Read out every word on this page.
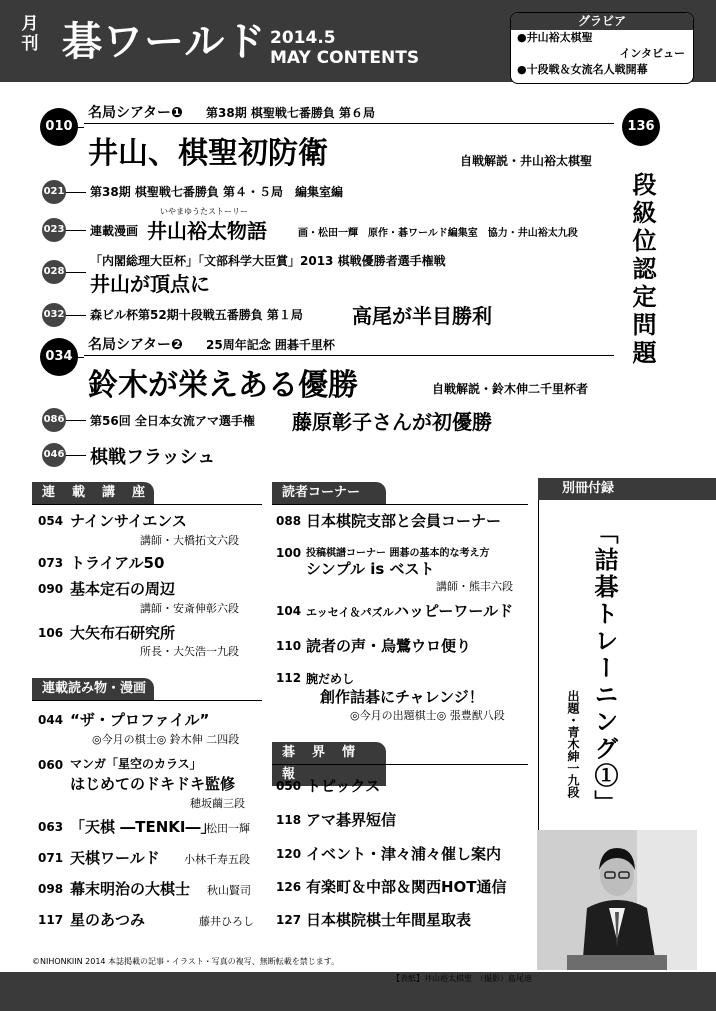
月刊 碁ワールド 2014.5
MAY CONTENTS
グラビア
●井山裕太棋聖
インタビュー
●十段戦＆女流名人戦開幕
010
名局シアター❶ 第38期 棋聖戦七番勝負 第６局
井山、棋聖初防衛	自戦解説・井山裕太棋聖
136
段級位認定問題
021 第38期 棋聖戦七番勝負 第４・５局　編集室編
023 連載漫画
いやまゆうたストーリー
井山裕太物語	画・松田一輝　原作・碁ワールド編集室　協力・井山裕太九段
028
「内閣総理大臣杯」「文部科学大臣賞」2013 棋戦優勝者選手権戦
井山が頂点に
032 森ビル杯第52期十段戦五番勝負 第１局 高尾が半目勝利
034
名局シアター❷ 25周年記念 囲碁千里杯
鈴木が栄えある優勝	自戦解説・鈴木伸二千里杯者
086 第56回 全日本女流アマ選手権 藤原彰子さんが初優勝
046 棋戦フラッシュ
連　載　講　座
054 ナインサイエンス
講師・大橋拓文六段
073 トライアル50
090 基本定石の周辺
講師・安斎伸彰六段
106 大矢布石研究所
所長・大矢浩一九段
連載読み物・漫画
044 “ザ・プロファイル”
◎今月の棋士◎ 鈴木伸 二四段
060 マンガ「星空のカラス」
はじめてのドキドキ監修
穂坂繭三段
063 「天棋 ―TENKI―」
松田一輝
071 天棋ワールド 小林千寿五段
098 幕末明治の大棋士 秋山賢司
117 星のあつみ	藤井ひろし
読者コーナー
088 日本棋院支部と会員コーナー
100 投稿棋譜コーナー 囲碁の基本的な考え方
シンプル is ベスト
講師・熊丰六段
104 エッセイ＆パズル ハッピーワールド
110 読者の声・烏鷺ウロ便り
112 腕だめし
創作詰碁にチャレンジ！
◎今月の出題棋士◎ 張豊猷八段
碁　界　情　報
050 トピックス
118 アマ碁界短信
120 イベント・津々浦々催し案内
126 有楽町＆中部＆関西HOT通信
127 日本棋院棋士年間星取表
別冊付録
「詰碁トレーニング①」
出題・青木紳一九段
©NIHONKIIN 2014 本誌掲載の記事・イラスト・写真の複写、無断転載を禁じます。
【表紙】井山裕太棋聖　（撮影）島尾迪
